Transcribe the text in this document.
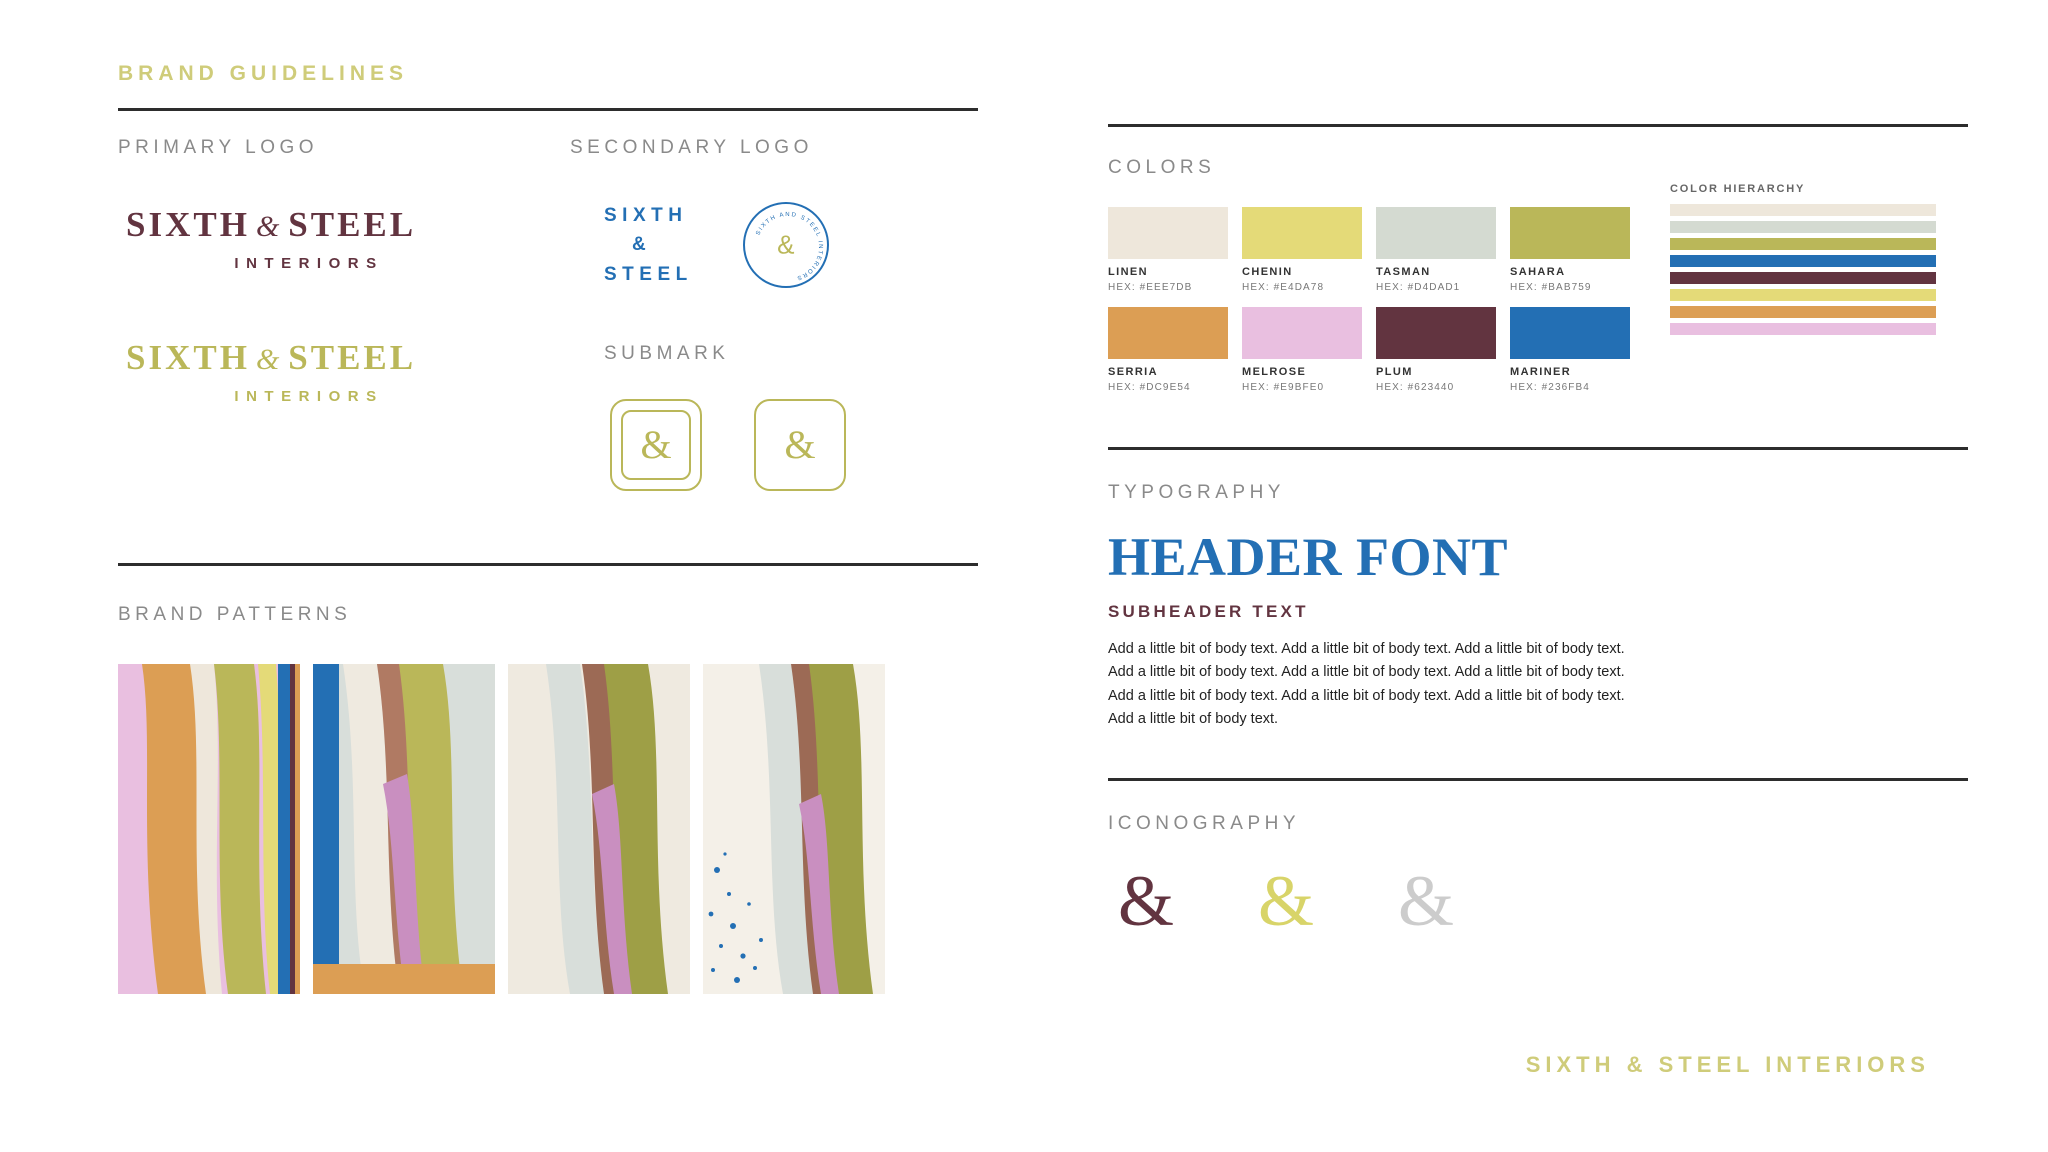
BRAND GUIDELINES
PRIMARY LOGO
SIXTH & STEEL
INTERIORS
SIXTH & STEEL
INTERIORS
SECONDARY LOGO
SIXTH
&
STEEL
SIXTH AND STEEL INTERIORS
&
SUBMARK
&	&
BRAND PATTERNS
COLORS
LINEN
HEX: #EEE7DB
CHENIN
HEX: #E4DA78
TASMAN
HEX: #D4DAD1
SAHARA
HEX: #BAB759
SERRIA
HEX: #DC9E54
MELROSE
HEX: #E9BFE0
PLUM
HEX: #623440
MARINER
HEX: #236FB4
COLOR HIERARCHY
TYPOGRAPHY
HEADER FONT
SUBHEADER TEXT
Add a little bit of body text. Add a little bit of body text. Add a little bit of body text. Add a little bit of body text. Add a little bit of body text. Add a little bit of body text. Add a little bit of body text. Add a little bit of body text. Add a little bit of body text. Add a little bit of body text.
ICONOGRAPHY
& & &
SIXTH & STEEL INTERIORS
